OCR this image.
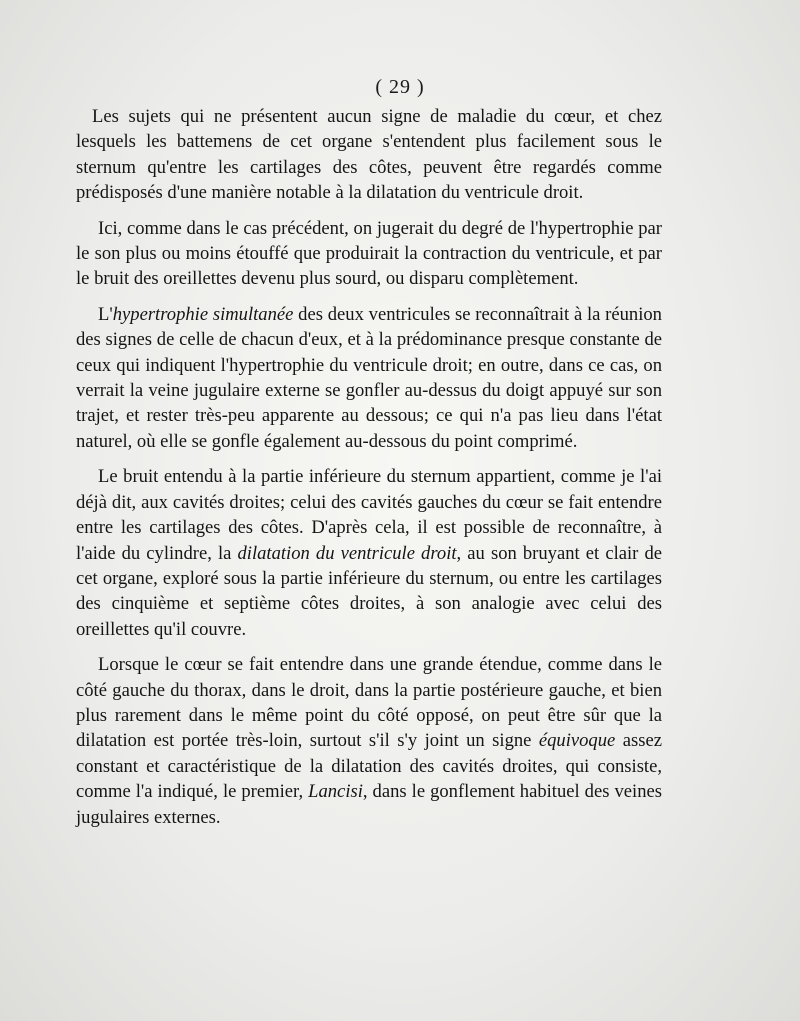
( 29 )

Les sujets qui ne présentent aucun signe de maladie du cœur, et chez lesquels les battemens de cet organe s'entendent plus facilement sous le sternum qu'entre les cartilages des côtes, peuvent être regardés comme prédisposés d'une manière notable à la dilatation du ventricule droit.

Ici, comme dans le cas précédent, on jugerait du degré de l'hypertrophie par le son plus ou moins étouffé que produirait la contraction du ventricule, et par le bruit des oreillettes devenu plus sourd, ou disparu complètement.

L'hypertrophie simultanée des deux ventricules se reconnaîtrait à la réunion des signes de celle de chacun d'eux, et à la prédominance presque constante de ceux qui indiquent l'hypertrophie du ventricule droit; en outre, dans ce cas, on verrait la veine jugulaire externe se gonfler au-dessus du doigt appuyé sur son trajet, et rester très-peu apparente au dessous; ce qui n'a pas lieu dans l'état naturel, où elle se gonfle également au-dessous du point comprimé.

Le bruit entendu à la partie inférieure du sternum appartient, comme je l'ai déjà dit, aux cavités droites; celui des cavités gauches du cœur se fait entendre entre les cartilages des côtes. D'après cela, il est possible de reconnaître, à l'aide du cylindre, la dilatation du ventricule droit, au son bruyant et clair de cet organe, exploré sous la partie inférieure du sternum, ou entre les cartilages des cinquième et septième côtes droites, à son analogie avec celui des oreillettes qu'il couvre.

Lorsque le cœur se fait entendre dans une grande étendue, comme dans le côté gauche du thorax, dans le droit, dans la partie postérieure gauche, et bien plus rarement dans le même point du côté opposé, on peut être sûr que la dilatation est portée très-loin, surtout s'il s'y joint un signe équivoque assez constant et caractéristique de la dilatation des cavités droites, qui consiste, comme l'a indiqué, le premier, Lancisi, dans le gonflement habituel des veines jugulaires externes.
